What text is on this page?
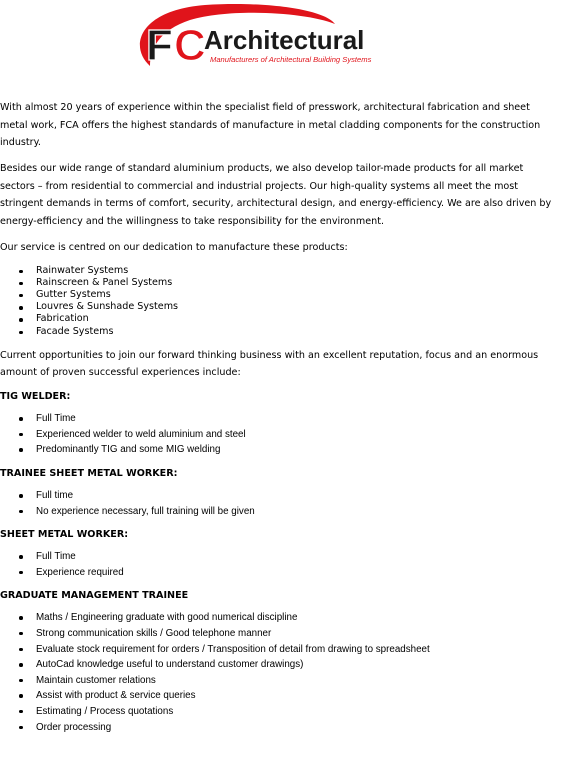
F C
Architectural
Manufacturers of Architectural Building Systems

With almost 20 years of experience within the specialist field of presswork, architectural fabrication and sheet metal work, FCA offers the highest standards of manufacture in metal cladding components for the construction industry.

Besides our wide range of standard aluminium products, we also develop tailor-made products for all market sectors – from residential to commercial and industrial projects. Our high-quality systems all meet the most stringent demands in terms of comfort, security, architectural design, and energy-efficiency. We are also driven by energy-efficiency and the willingness to take responsibility for the environment.

Our service is centred on our dedication to manufacture these products:

Rainwater Systems
Rainscreen & Panel Systems
Gutter Systems
Louvres & Sunshade Systems
Fabrication
Facade Systems

Current opportunities to join our forward thinking business with an excellent reputation, focus and an enormous amount of proven successful experiences include:

TIG WELDER:
Full Time
Experienced welder to weld aluminium and steel
Predominantly TIG and some MIG welding
TRAINEE SHEET METAL WORKER:
Full time
No experience necessary, full training will be given
SHEET METAL WORKER:
Full Time
Experience required
GRADUATE MANAGEMENT TRAINEE
Maths / Engineering graduate with good numerical discipline
Strong communication skills / Good telephone manner
Evaluate stock requirement for orders / Transposition of detail from drawing to spreadsheet
AutoCad knowledge useful to understand customer drawings)
Maintain customer relations
Assist with product & service queries
Estimating / Process quotations
Order processing
